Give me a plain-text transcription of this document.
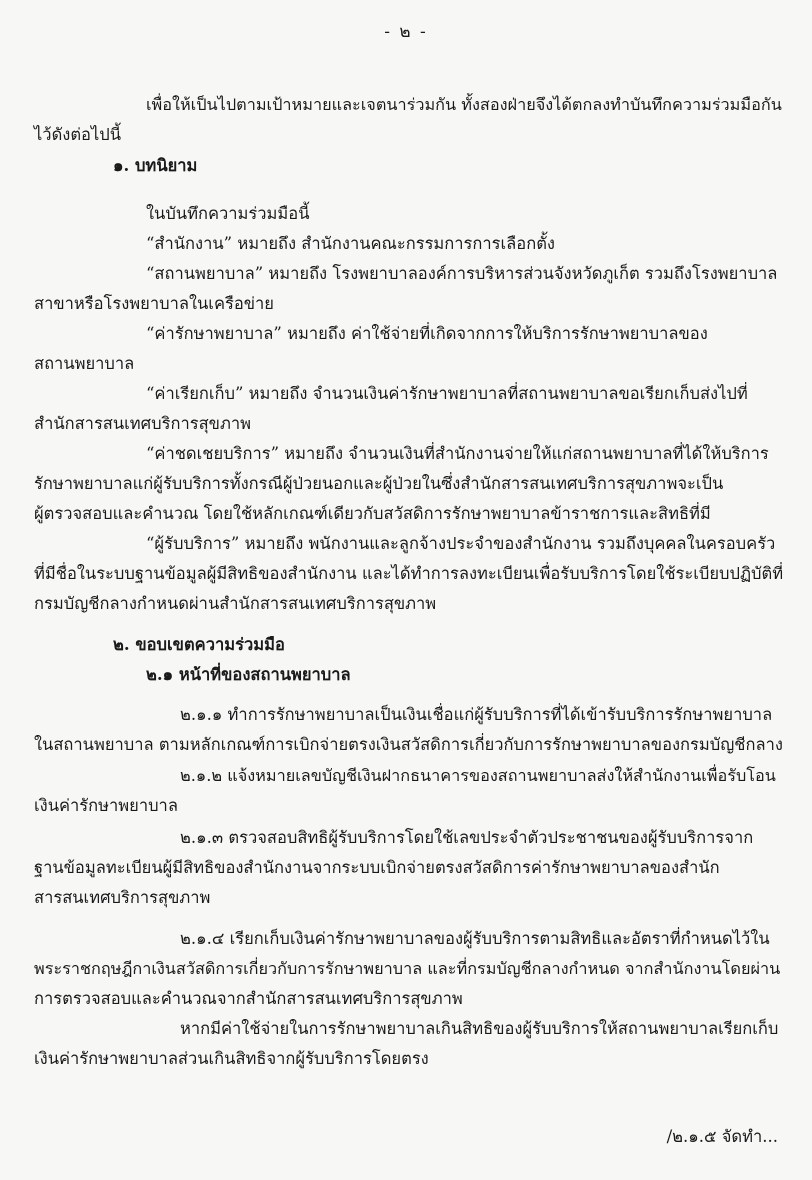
- ๒ -
เพื่อให้เป็นไปตามเป้าหมายและเจตนาร่วมกัน ทั้งสองฝ่ายจึงได้ตกลงทำบันทึกความร่วมมือกัน
ไว้ดังต่อไปนี้
๑. บทนิยาม
ในบันทึกความร่วมมือนี้
“สำนักงาน” หมายถึง สำนักงานคณะกรรมการการเลือกตั้ง
“สถานพยาบาล” หมายถึง โรงพยาบาลองค์การบริหารส่วนจังหวัดภูเก็ต รวมถึงโรงพยาบาล
สาขาหรือโรงพยาบาลในเครือข่าย
“ค่ารักษาพยาบาล” หมายถึง ค่าใช้จ่ายที่เกิดจากการให้บริการรักษาพยาบาลของ
สถานพยาบาล
“ค่าเรียกเก็บ” หมายถึง จำนวนเงินค่ารักษาพยาบาลที่สถานพยาบาลขอเรียกเก็บส่งไปที่
สำนักสารสนเทศบริการสุขภาพ
“ค่าชดเชยบริการ” หมายถึง จำนวนเงินที่สำนักงานจ่ายให้แก่สถานพยาบาลที่ได้ให้บริการ
รักษาพยาบาลแก่ผู้รับบริการทั้งกรณีผู้ป่วยนอกและผู้ป่วยในซึ่งสำนักสารสนเทศบริการสุขภาพจะเป็น
ผู้ตรวจสอบและคำนวณ โดยใช้หลักเกณฑ์เดียวกับสวัสดิการรักษาพยาบาลข้าราชการและสิทธิที่มี
“ผู้รับบริการ” หมายถึง พนักงานและลูกจ้างประจำของสำนักงาน รวมถึงบุคคลในครอบครัว
ที่มีชื่อในระบบฐานข้อมูลผู้มีสิทธิของสำนักงาน และได้ทำการลงทะเบียนเพื่อรับบริการโดยใช้ระเบียบปฏิบัติที่
กรมบัญชีกลางกำหนดผ่านสำนักสารสนเทศบริการสุขภาพ
๒. ขอบเขตความร่วมมือ
๒.๑ หน้าที่ของสถานพยาบาล
๒.๑.๑ ทำการรักษาพยาบาลเป็นเงินเชื่อแก่ผู้รับบริการที่ได้เข้ารับบริการรักษาพยาบาล
ในสถานพยาบาล ตามหลักเกณฑ์การเบิกจ่ายตรงเงินสวัสดิการเกี่ยวกับการรักษาพยาบาลของกรมบัญชีกลาง
๒.๑.๒ แจ้งหมายเลขบัญชีเงินฝากธนาคารของสถานพยาบาลส่งให้สำนักงานเพื่อรับโอน
เงินค่ารักษาพยาบาล
๒.๑.๓ ตรวจสอบสิทธิผู้รับบริการโดยใช้เลขประจำตัวประชาชนของผู้รับบริการจาก
ฐานข้อมูลทะเบียนผู้มีสิทธิของสำนักงานจากระบบเบิกจ่ายตรงสวัสดิการค่ารักษาพยาบาลของสำนัก
สารสนเทศบริการสุขภาพ
๒.๑.๔ เรียกเก็บเงินค่ารักษาพยาบาลของผู้รับบริการตามสิทธิและอัตราที่กำหนดไว้ใน
พระราชกฤษฎีกาเงินสวัสดิการเกี่ยวกับการรักษาพยาบาล และที่กรมบัญชีกลางกำหนด จากสำนักงานโดยผ่าน
การตรวจสอบและคำนวณจากสำนักสารสนเทศบริการสุขภาพ
หากมีค่าใช้จ่ายในการรักษาพยาบาลเกินสิทธิของผู้รับบริการให้สถานพยาบาลเรียกเก็บ
เงินค่ารักษาพยาบาลส่วนเกินสิทธิจากผู้รับบริการโดยตรง
/๒.๑.๕ จัดทำ...
